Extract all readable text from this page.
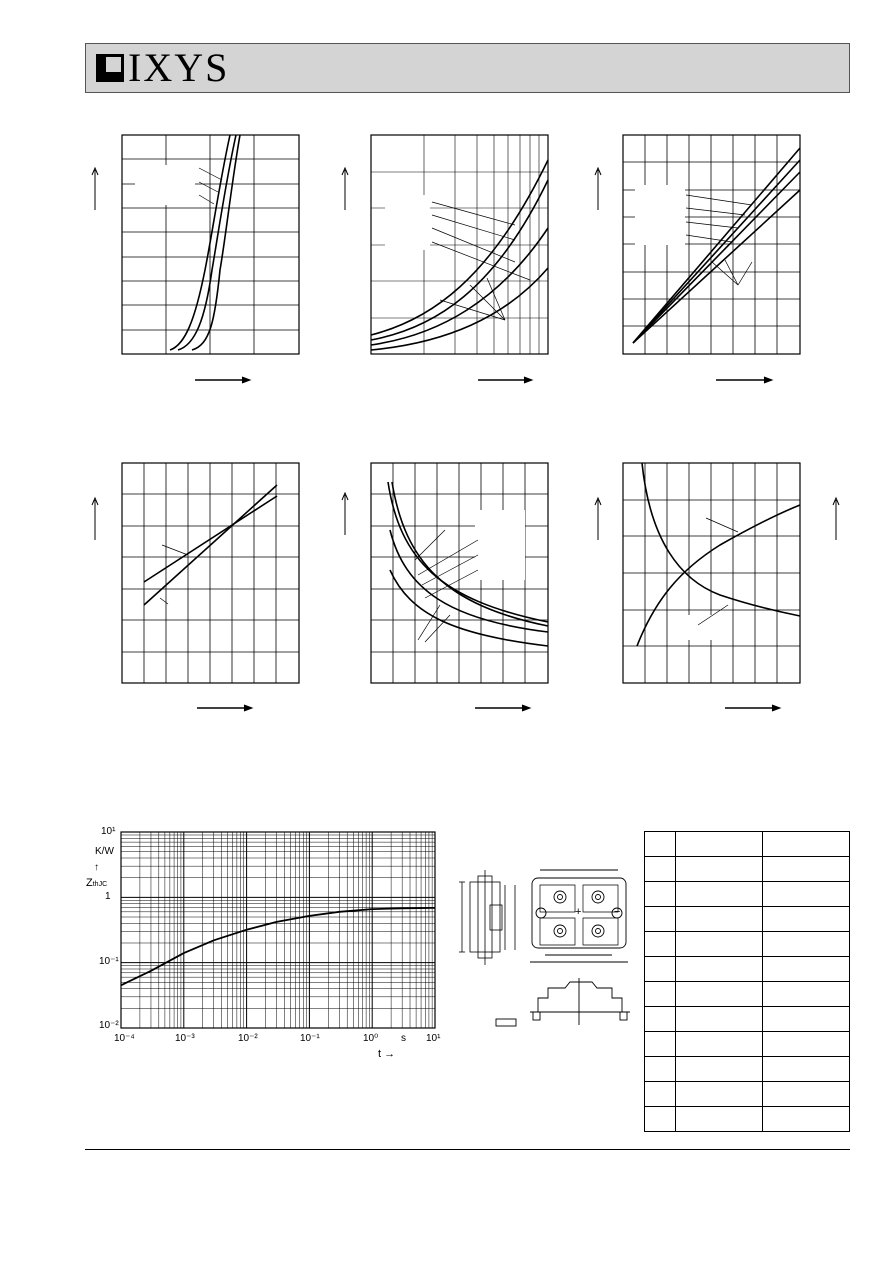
IXYS
10¹
1
10⁻¹
10⁻²
K/W
↑
ZthJC
10⁻⁴	10⁻³	10⁻²	10⁻¹	10⁰	10¹
s
t →
+	−
